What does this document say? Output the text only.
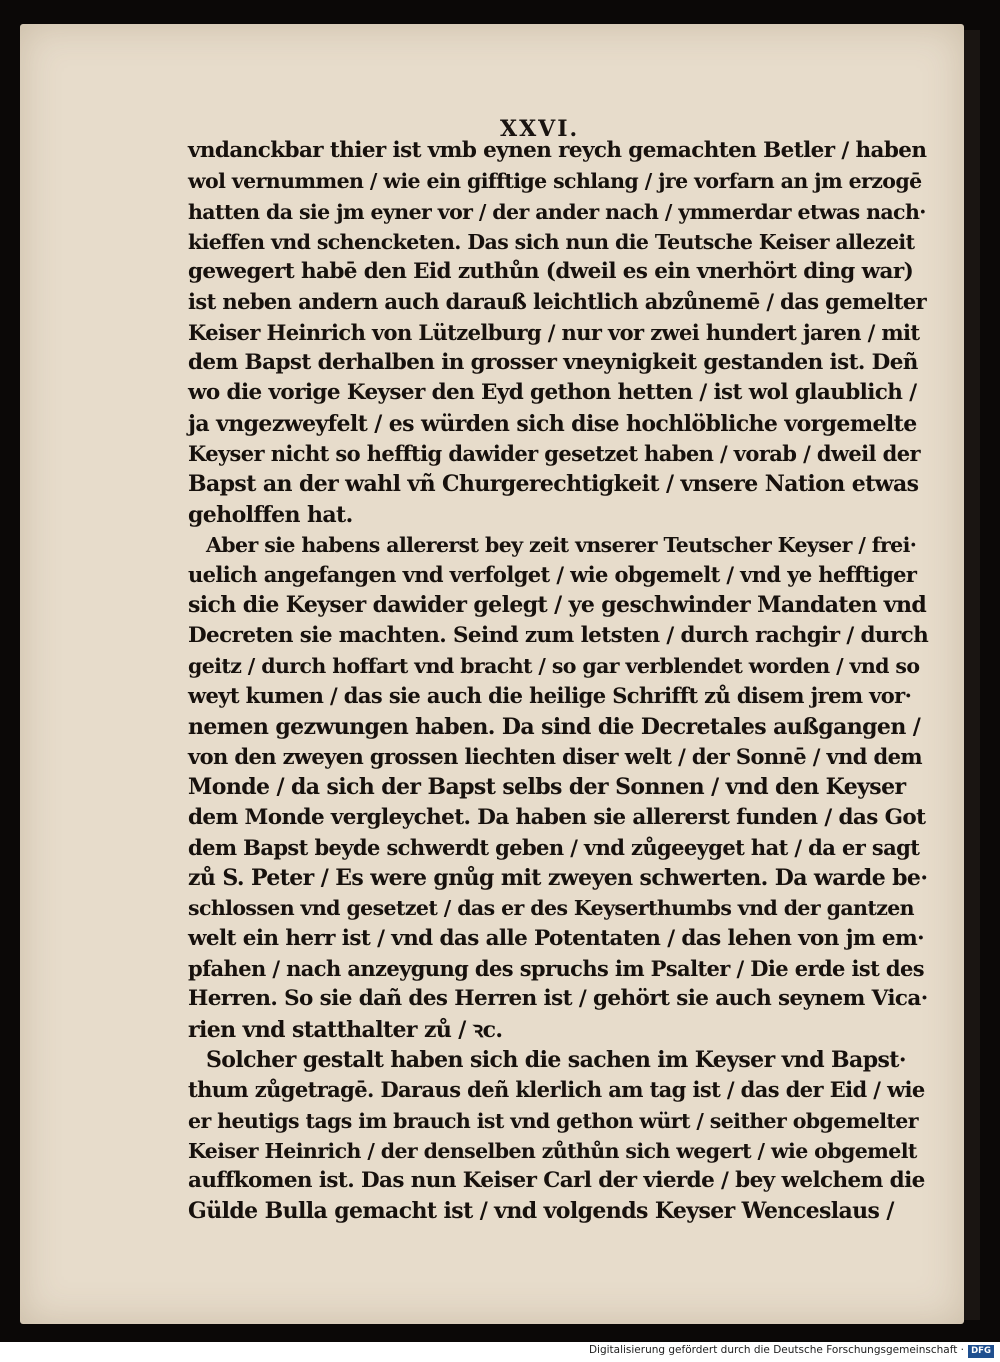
XXVI.
vndanckbar thier ist vmb eynen reych gemachten Betler / haben
wol vernummen / wie ein gifftige schlang / jre vorfarn an jm erzogē
hatten da sie jm eyner vor / der ander nach / ymmerdar etwas nach·
kieffen vnd schencketen. Das sich nun die Teutsche Keiser allezeit
gewegert habē den Eid zuthůn (dweil es ein vnerhört ding war)
ist neben andern auch darauß leichtlich abzůnemē / das gemelter
Keiser Heinrich von Lützelburg / nur vor zwei hundert jaren / mit
dem Bapst derhalben in grosser vneynigkeit gestanden ist. Deñ
wo die vorige Keyser den Eyd gethon hetten / ist wol glaublich /
ja vngezweyfelt / es würden sich dise hochlöbliche vorgemelte
Keyser nicht so hefftig dawider gesetzet haben / vorab / dweil der
Bapst an der wahl vñ Churgerechtigkeit / vnsere Nation etwas
geholffen hat.
Aber sie habens allererst bey zeit vnserer Teutscher Keyser / frei·
uelich angefangen vnd verfolget / wie obgemelt / vnd ye hefftiger
sich die Keyser dawider gelegt / ye geschwinder Mandaten vnd
Decreten sie machten. Seind zum letsten / durch rachgir / durch
geitz / durch hoffart vnd bracht / so gar verblendet worden / vnd so
weyt kumen / das sie auch die heilige Schrifft zů disem jrem vor·
nemen gezwungen haben. Da sind die Decretales außgangen /
von den zweyen grossen liechten diser welt / der Sonnē / vnd dem
Monde / da sich der Bapst selbs der Sonnen / vnd den Keyser
dem Monde vergleychet. Da haben sie allererst funden / das Got
dem Bapst beyde schwerdt geben / vnd zůgeeyget hat / da er sagt
zů S. Peter / Es were gnůg mit zweyen schwerten. Da warde be·
schlossen vnd gesetzet / das er des Keyserthumbs vnd der gantzen
welt ein herr ist / vnd das alle Potentaten / das lehen von jm em·
pfahen / nach anzeygung des spruchs im Psalter / Die erde ist des
Herren. So sie dañ des Herren ist / gehört sie auch seynem Vica·
rien vnd statthalter zů / ꝛc.
Solcher gestalt haben sich die sachen im Keyser vnd Bapst·
thum zůgetragē. Daraus deñ klerlich am tag ist / das der Eid / wie
er heutigs tags im brauch ist vnd gethon würt / seither obgemelter
Keiser Heinrich / der denselben zůthůn sich wegert / wie obgemelt
auffkomen ist. Das nun Keiser Carl der vierde / bey welchem die
Gülde Bulla gemacht ist / vnd volgends Keyser Wenceslaus /
Digitalisierung gefördert durch die Deutsche Forschungsgemeinschaft · DFG
